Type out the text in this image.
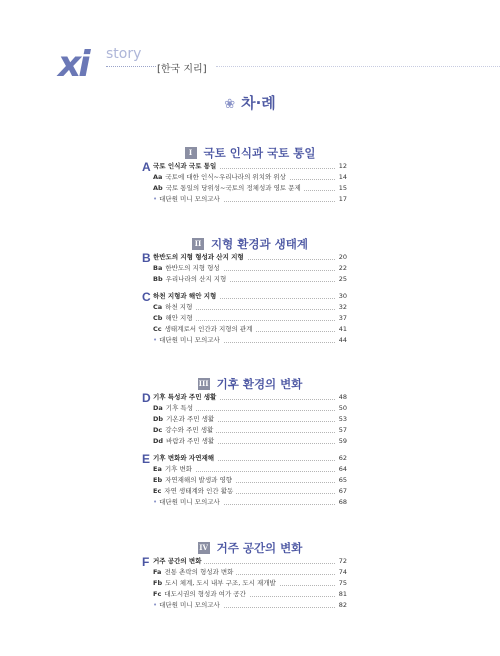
xi story
[한국 지리]
❀ 차·례
I 국토 인식과 국토 통일
A 국토 인식과 국토 통일	12
Aa 국토에 대한 인식~우리나라의 위치와 위상	14
Ab 국토 통일의 당위성~국토의 정체성과 영토 문제	15
• 대단원 미니 모의고사	17
II 지형 환경과 생태계
B 한반도의 지형 형성과 산지 지형	20
Ba 한반도의 지형 형성	22
Bb 우리나라의 산지 지형	25
C 하천 지형과 해안 지형	30
Ca 하천 지형	32
Cb 해안 지형	37
Cc 생태계로서 인간과 지형의 관계	41
• 대단원 미니 모의고사	44
III 기후 환경의 변화
D 기후 특성과 주민 생활	48
Da 기후 특성	50
Db 기온과 주민 생활	53
Dc 강수와 주민 생활	57
Dd 바람과 주민 생활	59
E 기후 변화와 자연재해	62
Ea 기후 변화	64
Eb 자연재해의 발생과 영향	65
Ec 자연 생태계와 인간 활동	67
• 대단원 미니 모의고사	68
IV 거주 공간의 변화
F 거주 공간의 변화	72
Fa 전통 촌락의 형성과 변화	74
Fb 도시 체계, 도시 내부 구조, 도시 재개발	75
Fc 대도시권의 형성과 여가 공간	81
• 대단원 미니 모의고사	82
